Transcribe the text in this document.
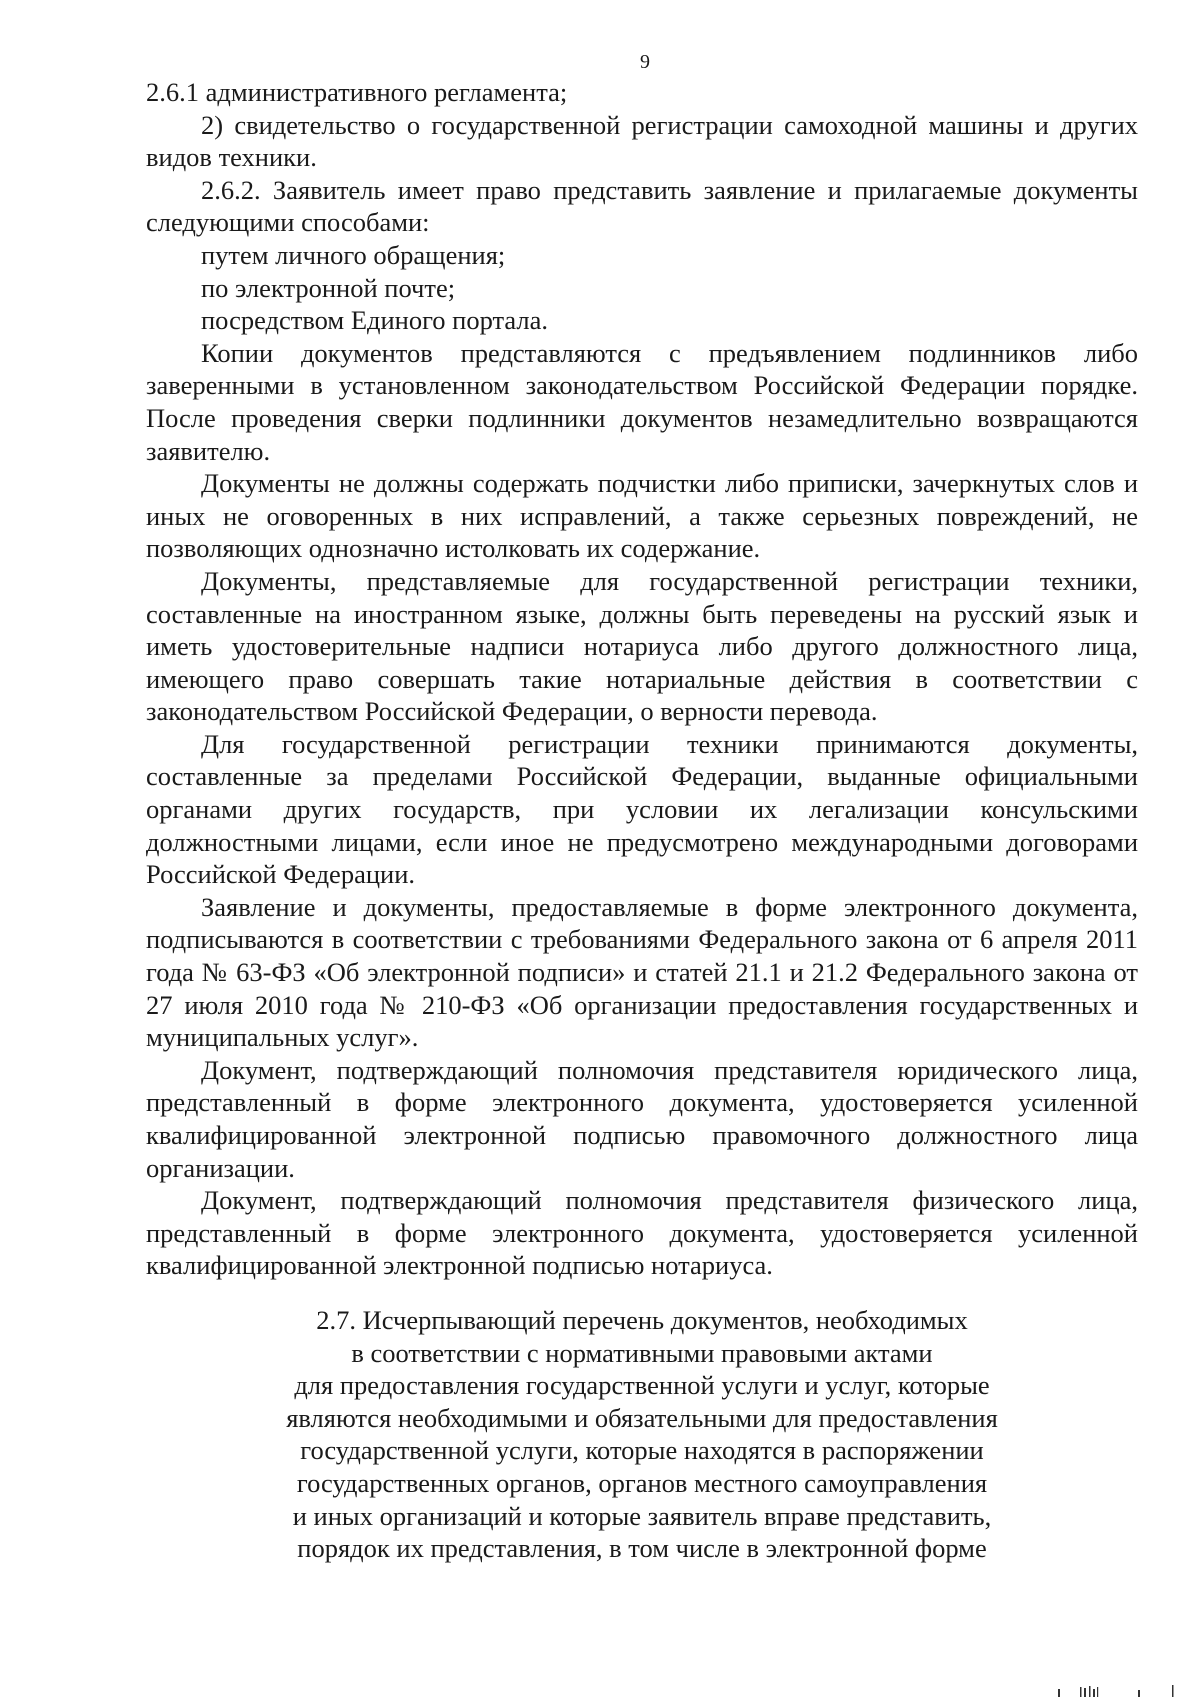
9

2.6.1 административного регламента;

2) свидетельство о государственной регистрации самоходной машины и других видов техники.

2.6.2. Заявитель имеет право представить заявление и прилагаемые документы следующими способами:

путем личного обращения;

по электронной почте;

посредством Единого портала.

Копии документов представляются с предъявлением подлинников либо заверенными в установленном законодательством Российской Федерации порядке. После проведения сверки подлинники документов незамедлительно возвращаются заявителю.

Документы не должны содержать подчистки либо приписки, зачеркнутых слов и иных не оговоренных в них исправлений, а также серьезных повреждений, не позволяющих однозначно истолковать их содержание.

Документы, представляемые для государственной регистрации техники, составленные на иностранном языке, должны быть переведены на русский язык и иметь удостоверительные надписи нотариуса либо другого должностного лица, имеющего право совершать такие нотариальные действия в соответствии с законодательством Российской Федерации, о верности перевода.

Для государственной регистрации техники принимаются документы, составленные за пределами Российской Федерации, выданные официальными органами других государств, при условии их легализации консульскими должностными лицами, если иное не предусмотрено международными договорами Российской Федерации.

Заявление и документы, предоставляемые в форме электронного документа, подписываются в соответствии с требованиями Федерального закона от 6 апреля 2011 года № 63-ФЗ «Об электронной подписи» и статей 21.1 и 21.2 Федерального закона от 27 июля 2010 года № 210-ФЗ «Об организации предоставления государственных и муниципальных услуг».

Документ, подтверждающий полномочия представителя юридического лица, представленный в форме электронного документа, удостоверяется усиленной квалифицированной электронной подписью правомочного должностного лица организации.

Документ, подтверждающий полномочия представителя физического лица, представленный в форме электронного документа, удостоверяется усиленной квалифицированной электронной подписью нотариуса.

2.7. Исчерпывающий перечень документов, необходимых
в соответствии с нормативными правовыми актами
для предоставления государственной услуги и услуг, которые
являются необходимыми и обязательными для предоставления
государственной услуги, которые находятся в распоряжении
государственных органов, органов местного самоуправления
и иных организаций и которые заявитель вправе представить,
порядок их представления, в том числе в электронной форме
